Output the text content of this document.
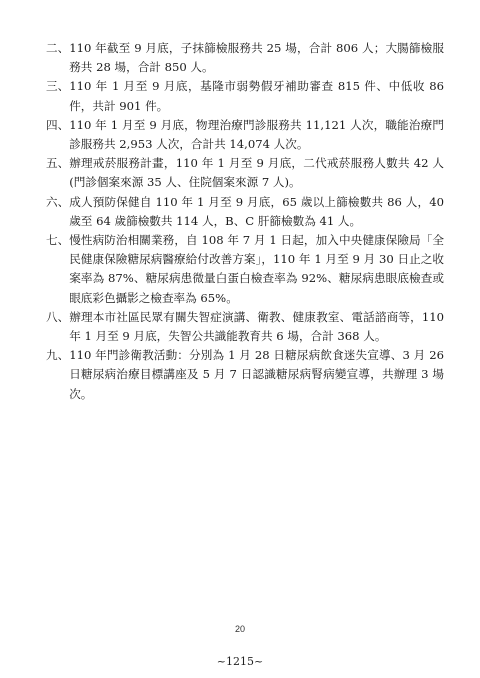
二、 110 年截至 9 月底，子抹篩檢服務共 25 場，合計 806 人；大腸篩檢服務共 28 場，合計 850 人。

三、 110 年 1 月至 9 月底，基隆市弱勢假牙補助審查 815 件、中低收 86 件，共計 901 件。

四、 110 年 1 月至 9 月底，物理治療門診服務共 11,121 人次，職能治療門診服務共 2,953 人次，合計共 14,074 人次。

五、 辦理戒菸服務計畫，110 年 1 月至 9 月底，二代戒菸服務人數共 42 人(門診個案來源 35 人、住院個案來源 7 人)。

六、 成人預防保健自 110 年 1 月至 9 月底，65 歲以上篩檢數共 86 人，40 歲至 64 歲篩檢數共 114 人，B、C 肝篩檢數為 41 人。

七、 慢性病防治相關業務，自 108 年 7 月 1 日起，加入中央健康保險局「全民健康保險糖尿病醫療給付改善方案」，110 年 1 月至 9 月 30 日止之收案率為 87%、糖尿病患微量白蛋白檢查率為 92%、糖尿病患眼底檢查或眼底彩色攝影之檢查率為 65%。

八、 辦理本市社區民眾有關失智症演講、衛教、健康教室、電話諮商等，110 年 1 月至 9 月底，失智公共識能教育共 6 場，合計 368 人。

九、 110 年門診衛教活動：分別為 1 月 28 日糖尿病飲食迷失宣導、3 月 26 日糖尿病治療目標講座及 5 月 7 日認識糖尿病腎病變宣導，共辦理 3 場次。

20
~1215~
